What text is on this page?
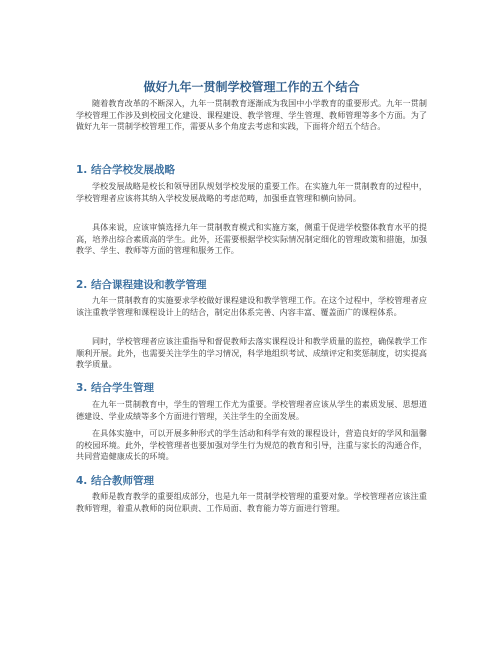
做好九年一贯制学校管理工作的五个结合

随着教育改革的不断深入，九年一贯制教育逐渐成为我国中小学教育的重要形式。九年一贯制学校管理工作涉及到校园文化建设、课程建设、教学管理、学生管理、教师管理等多个方面。为了做好九年一贯制学校管理工作，需要从多个角度去考虑和实践，下面将介绍五个结合。

1. 结合学校发展战略

学校发展战略是校长和领导团队规划学校发展的重要工作。在实施九年一贯制教育的过程中，学校管理者应该将其纳入学校发展战略的考虑范畴，加强垂直管理和横向协同。

具体来说，应该审慎选择九年一贯制教育模式和实施方案，侧重于促进学校整体教育水平的提高，培养出综合素质高的学生。此外，还需要根据学校实际情况制定细化的管理政策和措施，加强教学、学生、教师等方面的管理和服务工作。

2. 结合课程建设和教学管理

九年一贯制教育的实施要求学校做好课程建设和教学管理工作。在这个过程中，学校管理者应该注重教学管理和课程设计上的结合，制定出体系完善、内容丰富、覆盖面广的课程体系。

同时，学校管理者应该注重指导和督促教师去落实课程设计和教学质量的监控，确保教学工作顺利开展。此外，也需要关注学生的学习情况，科学地组织考试、成绩评定和奖惩制度，切实提高教学质量。

3. 结合学生管理

在九年一贯制教育中，学生的管理工作尤为重要。学校管理者应该从学生的素质发展、思想道德建设、学业成绩等多个方面进行管理，关注学生的全面发展。

在具体实施中，可以开展多种形式的学生活动和科学有效的课程设计，营造良好的学风和温馨的校园环境。此外，学校管理者也要加强对学生行为规范的教育和引导，注重与家长的沟通合作，共同营造健康成长的环境。

4. 结合教师管理

教师是教育教学的重要组成部分，也是九年一贯制学校管理的重要对象。学校管理者应该注重教师管理，着重从教师的岗位职责、工作局面、教育能力等方面进行管理。
